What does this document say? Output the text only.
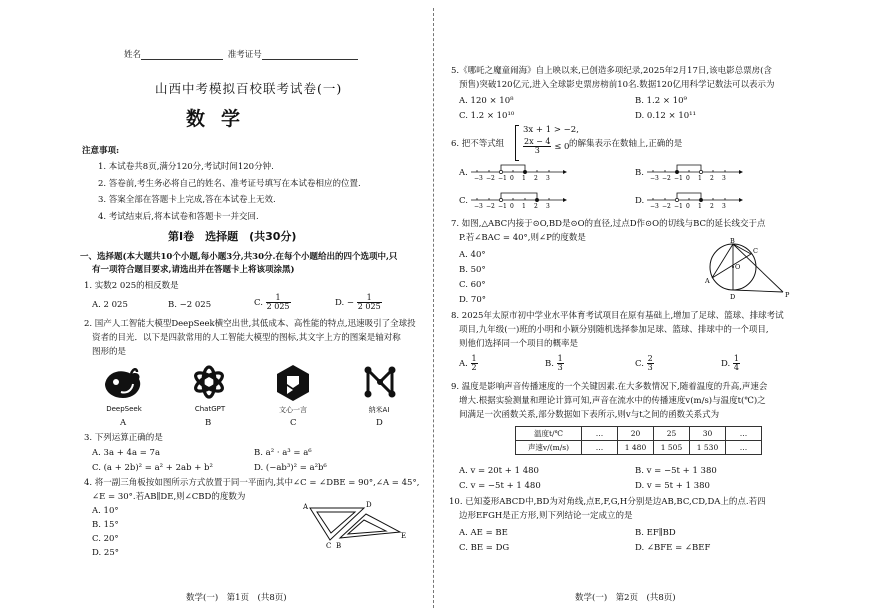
姓名	准考证号
山西中考模拟百校联考试卷(一)
数学
注意事项:
1. 本试卷共8页,满分120分,考试时间120分钟.
2. 答卷前,考生务必将自己的姓名、准考证号填写在本试卷相应的位置.
3. 答案全部在答题卡上完成,答在本试卷上无效.
4. 考试结束后,将本试卷和答题卡一并交回.
第Ⅰ卷　选择题　(共30分)
一、选择题(本大题共10个小题,每小题3分,共30分.在每个小题给出的四个选项中,只
有一项符合题目要求,请选出并在答题卡上将该项涂黑)
1. 实数2 025的相反数是
A. 2 025	B. −2 025	C. $\frac{1}{2 025}$	D. − $\frac{1}{2 025}$
2. 国产人工智能大模型DeepSeek横空出世,其低成本、高性能的特点,迅速吸引了全球投
资者的目光．以下是四款常用的人工智能大模型的图标,其文字上方的图案是轴对称
图形的是
DeepSeek	ChatGPT	文心一言	纳米AI
A	B	C	D
3. 下列运算正确的是
A. 3a + 4a = 7a	B. a² · a³ = a⁶
C. (a + 2b)² = a² + 2ab + b²	D. (−ab³)² = a²b⁶
4. 将一副三角板按如图所示方式放置于同一平面内,其中∠C = ∠DBE = 90°,∠A = 45°,
∠E = 30°.若AB∥DE,则∠CBD的度数为
A. 10°
B. 15°
C. 20°
D. 25°
A	D
E
C B
数学(一)　第1页　(共8页)
5.《哪吒之魔童闹海》自上映以来,已创造多项纪录,2025年2月17日,该电影总票房(含
预售)突破120亿元,进入全球影史票房榜前10名.数据120亿用科学记数法可以表示为
A. 120 × 10⁸	B. 1.2 × 10⁹
C. 1.2 × 10¹⁰	D. 0.12 × 10¹¹
6. 把不等式组
3x + 1 > −2,
$\frac{2x - 4}{3} \le 0$ 的解集表示在数轴上,正确的是
A.	B.
C.	D.
−3 −2 −1 0 1 2 3	−3 −2 −1 0 1 2 3
−3 −2 −1 0 1 2 3	−3 −2 −1 0 1 2 3
7. 如图,△ABC内接于⊙O,BD是⊙O的直径,过点D作⊙O的切线与BC的延长线交于点
P.若∠BAC = 40°,则∠P的度数是
A. 40°
B. 50°
C. 60°
D. 70°
B
C
O
A
D	P
8. 2025年太原市初中学业水平体育考试项目在原有基础上,增加了足球、篮球、排球考试
项目,九年级(一)班的小明和小颖分别随机选择参加足球、篮球、排球中的一个项目,
则他们选择同一个项目的概率是
A. $\frac{1}{2}$	B. $\frac{1}{3}$	C. $\frac{2}{3}$	D. $\frac{1}{4}$
9. 温度是影响声音传播速度的一个关键因素.在大多数情况下,随着温度的升高,声速会
增大.根据实验测量和理论计算可知,声音在流水中的传播速度v(m/s)与温度t(℃)之
间满足一次函数关系,部分数据如下表所示,则v与t之间的函数关系式为
温度t/℃	…	20	25	30	…
声速v/(m/s)	…	1 480	1 505	1 530	…
A. v = 20t + 1 480	B. v = −5t + 1 380
C. v = −5t + 1 480	D. v = 5t + 1 380
10. 已知菱形ABCD中,BD为对角线,点E,F,G,H分别是边AB,BC,CD,DA上的点.若四
边形EFGH是正方形,则下列结论一定成立的是
A. AE = BE	B. EF∥BD
C. BE = DG	D. ∠BFE = ∠BEF
数学(一)　第2页　(共8页)
